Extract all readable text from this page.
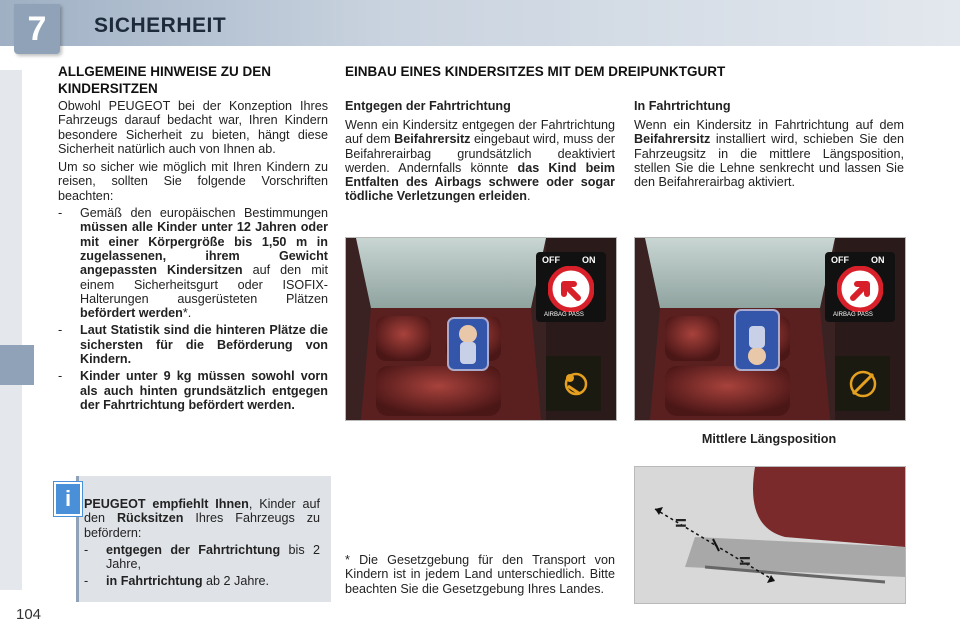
7	SICHERHEIT
104
ALLGEMEINE HINWEISE ZU DEN KINDERSITZEN
Obwohl PEUGEOT bei der Konzeption Ihres Fahrzeugs darauf bedacht war, Ihren Kindern besondere Sicherheit zu bieten, hängt diese Sicherheit natürlich auch von Ihnen ab.
Um so sicher wie möglich mit Ihren Kindern zu reisen, sollten Sie folgende Vorschriften beachten:
- Gemäß den europäischen Bestimmungen müssen alle Kinder unter 12 Jahren oder mit einer Körpergröße bis 1,50 m in zugelassenen, ihrem Gewicht angepassten Kindersitzen auf den mit einem Sicherheitsgurt oder ISOFIX-Halterungen ausgerüsteten Plätzen befördert werden*.
- Laut Statistik sind die hinteren Plätze die sichersten für die Beförderung von Kindern.
- Kinder unter 9 kg müssen sowohl vorn als auch hinten grundsätzlich entgegen der Fahrtrichtung befördert werden.
i	PEUGEOT empfiehlt Ihnen, Kinder auf den Rücksitzen Ihres Fahrzeugs zu befördern:
- entgegen der Fahrtrichtung bis 2 Jahre,
- in Fahrtrichtung ab 2 Jahre.
EINBAU EINES KINDERSITZES MIT DEM DREIPUNKTGURT
Entgegen der Fahrtrichtung
Wenn ein Kindersitz entgegen der Fahrtrichtung auf dem Beifahrersitz eingebaut wird, muss der Beifahrerairbag grundsätzlich deaktiviert werden. Andernfalls könnte das Kind beim Entfalten des Airbags schwere oder sogar tödliche Verletzungen erleiden.
In Fahrtrichtung
Wenn ein Kindersitz in Fahrtrichtung auf dem Beifahrersitz installiert wird, schieben Sie den Fahrzeugsitz in die mittlere Längsposition, stellen Sie die Lehne senkrecht und lassen Sie den Beifahrerairbag aktiviert.
OFF ON
AIRBAG PASS
OFF ON
AIRBAG PASS
Mittlere Längsposition
=
=
* Die Gesetzgebung für den Transport von Kindern ist in jedem Land unterschiedlich. Bitte beachten Sie die Gesetzgebung Ihres Landes.
